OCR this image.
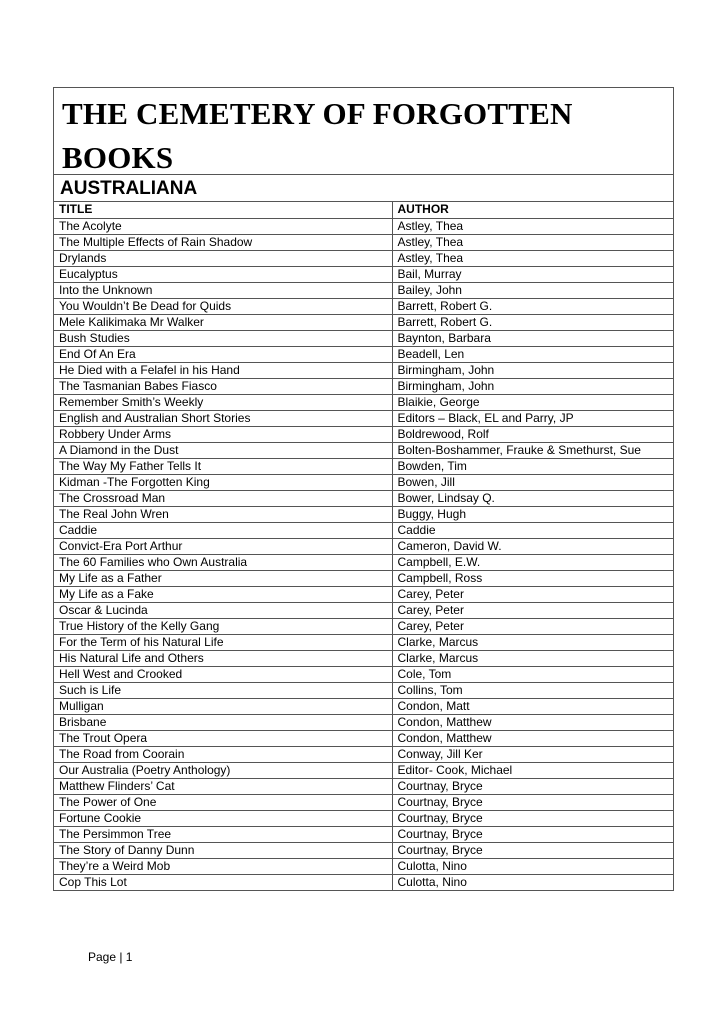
THE CEMETERY OF FORGOTTEN BOOKS
AUSTRALIANA
TITLE	AUTHOR
The Acolyte	Astley, Thea
The Multiple Effects of Rain Shadow	Astley, Thea
Drylands	Astley, Thea
Eucalyptus	Bail, Murray
Into the Unknown	Bailey, John
You Wouldn’t Be Dead for Quids	Barrett, Robert G.
Mele Kalikimaka Mr Walker	Barrett, Robert G.
Bush Studies	Baynton, Barbara
End Of An Era	Beadell, Len
He Died with a Felafel in his Hand	Birmingham, John
The Tasmanian Babes Fiasco	Birmingham, John
Remember Smith’s Weekly	Blaikie, George
English and Australian Short Stories	Editors – Black, EL and Parry, JP
Robbery Under Arms	Boldrewood, Rolf
A Diamond in the Dust	Bolten-Boshammer, Frauke & Smethurst, Sue
The Way My Father Tells It	Bowden, Tim
Kidman -The Forgotten King	Bowen, Jill
The Crossroad Man	Bower, Lindsay Q.
The Real John Wren	Buggy, Hugh
Caddie	Caddie
Convict-Era Port Arthur	Cameron, David W.
The 60 Families who Own Australia	Campbell, E.W.
My Life as a Father	Campbell, Ross
My Life as a Fake	Carey, Peter
Oscar & Lucinda	Carey, Peter
True History of the Kelly Gang	Carey, Peter
For the Term of his Natural Life	Clarke, Marcus
His Natural Life and Others	Clarke, Marcus
Hell West and Crooked	Cole, Tom
Such is Life	Collins, Tom
Mulligan	Condon, Matt
Brisbane	Condon, Matthew
The Trout Opera	Condon, Matthew
The Road from Coorain	Conway, Jill Ker
Our Australia (Poetry Anthology)	Editor- Cook, Michael
Matthew Flinders’ Cat	Courtnay, Bryce
The Power of One	Courtnay, Bryce
Fortune Cookie	Courtnay, Bryce
The Persimmon Tree	Courtnay, Bryce
The Story of Danny Dunn	Courtnay, Bryce
They’re a Weird Mob	Culotta, Nino
Cop This Lot	Culotta, Nino
Page | 1
